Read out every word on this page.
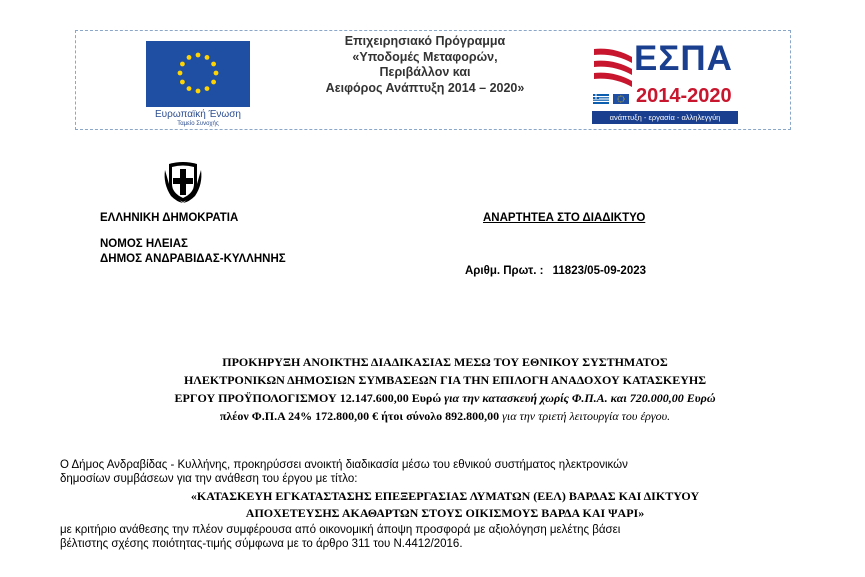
Ευρωπαϊκή Ένωση
Ταμείο Συνοχής
Επιχειρησιακό Πρόγραμμα
«Υποδομές Μεταφορών,
Περιβάλλον και
Αειφόρος Ανάπτυξη 2014 – 2020»
ΕΣΠΑ
2014-2020
ανάπτυξη - εργασία - αλληλεγγύη
ΕΛΛΗΝΙΚΗ ΔΗΜΟΚΡΑΤΙΑ
ΝΟΜΟΣ ΗΛΕΙΑΣ
ΔΗΜΟΣ ΑΝΔΡΑΒΙΔΑΣ-ΚΥΛΛΗΝΗΣ
ΑΝΑΡΤΗΤΕΑ ΣΤΟ ΔΙΑΔΙΚΤΥΟ
Αριθμ. Πρωτ. : 11823/05-09-2023
ΠΡΟΚΗΡΥΞΗ ΑΝΟΙΚΤΗΣ ΔΙΑΔΙΚΑΣΙΑΣ ΜΕΣΩ ΤΟΥ ΕΘΝΙΚΟΥ ΣΥΣΤΗΜΑΤΟΣ
ΗΛΕΚΤΡΟΝΙΚΩΝ ΔΗΜΟΣΙΩΝ ΣΥΜΒΑΣΕΩΝ ΓΙΑ ΤΗΝ ΕΠΙΛΟΓΗ ΑΝΑΔΟΧΟΥ ΚΑΤΑΣΚΕΥΗΣ
ΕΡΓΟΥ ΠΡΟΫΠΟΛΟΓΙΣΜΟΥ 12.147.600,00 Ευρώ για την κατασκευή χωρίς Φ.Π.Α. και 720.000,00 Ευρώ
πλέον Φ.Π.Α 24% 172.800,00 € ήτοι σύνολο 892.800,00 για την τριετή λειτουργία του έργου.
Ο Δήμος Ανδραβίδας - Κυλλήνης, προκηρύσσει ανοικτή διαδικασία μέσω του εθνικού συστήματος ηλεκτρονικών
δημοσίων συμβάσεων για την ανάθεση του έργου με τίτλο:
«ΚΑΤΑΣΚΕΥΗ ΕΓΚΑΤΑΣΤΑΣΗΣ ΕΠΕΞΕΡΓΑΣΙΑΣ ΛΥΜΑΤΩΝ (ΕΕΛ) ΒΑΡΔΑΣ ΚΑΙ ΔΙΚΤΥΟΥ
ΑΠΟΧΕΤΕΥΣΗΣ ΑΚΑΘΑΡΤΩΝ ΣΤΟΥΣ ΟΙΚΙΣΜΟΥΣ ΒΑΡΔΑ ΚΑΙ ΨΑΡΙ»
με κριτήριο ανάθεσης την πλέον συμφέρουσα από οικονομική άποψη προσφορά με αξιολόγηση μελέτης βάσει
βέλτιστης σχέσης ποιότητας-τιμής σύμφωνα με το άρθρο 311 του Ν.4412/2016.
